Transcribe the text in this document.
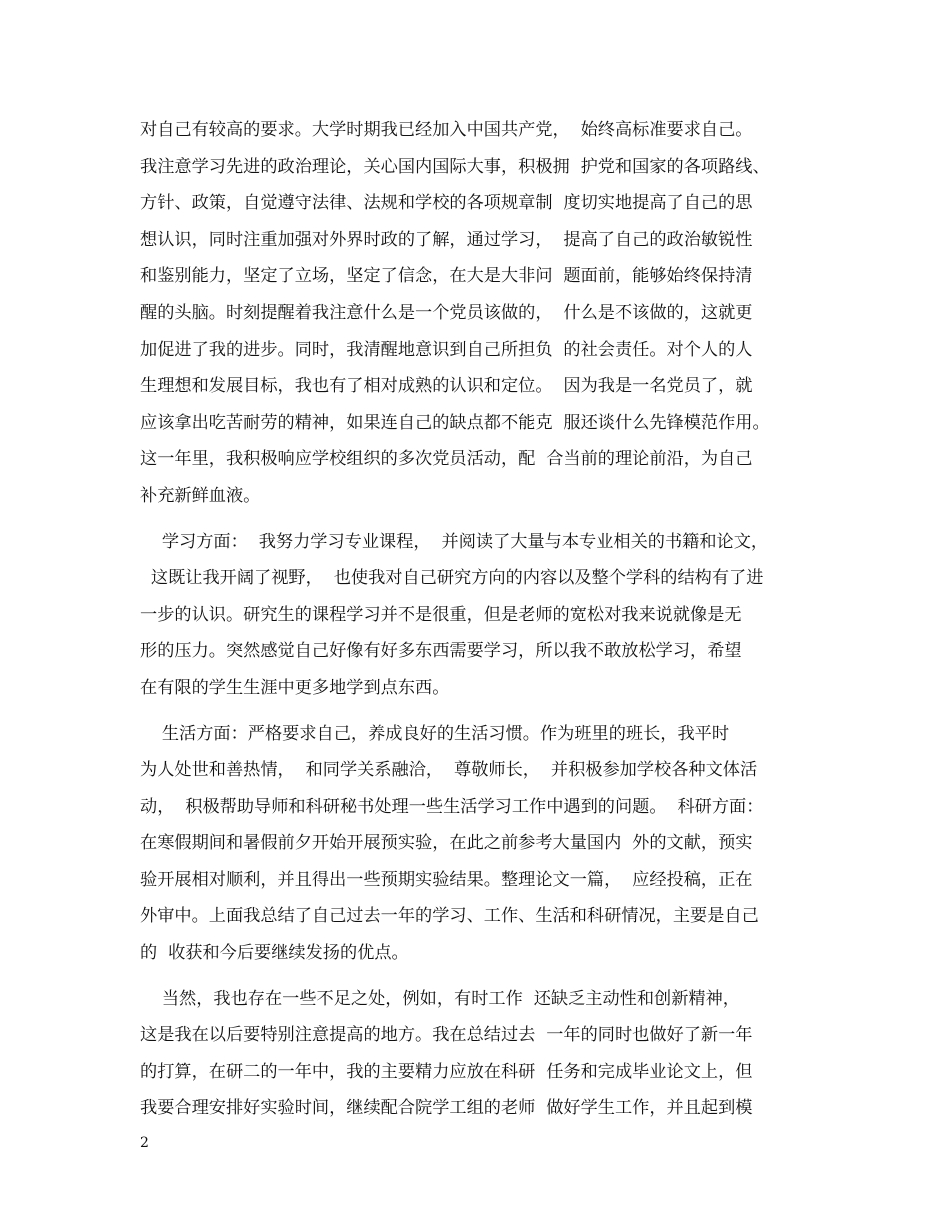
对自己有较高的要求。大学时期我已经加入中国共产党，  始终高标准要求自己。
我注意学习先进的政治理论，关心国内国际大事，积极拥  护党和国家的各项路线、
方针、政策，自觉遵守法律、法规和学校的各项规章制  度切实地提高了自己的思
想认识，同时注重加强对外界时政的了解，通过学习，  提高了自己的政治敏锐性
和鉴别能力，坚定了立场，坚定了信念，在大是大非问  题面前，能够始终保持清
醒的头脑。时刻提醒着我注意什么是一个党员该做的，  什么是不该做的，这就更
加促进了我的进步。同时，我清醒地意识到自己所担负  的社会责任。对个人的人
生理想和发展目标，我也有了相对成熟的认识和定位。  因为我是一名党员了，就
应该拿出吃苦耐劳的精神，如果连自己的缺点都不能克  服还谈什么先锋模范作用。
这一年里，我积极响应学校组织的多次党员活动，配  合当前的理论前沿，为自己
补充新鲜血液。
学习方面：  我努力学习专业课程，  并阅读了大量与本专业相关的书籍和论文，
这既让我开阔了视野，  也使我对自己研究方向的内容以及整个学科的结构有了进
一步的认识。研究生的课程学习并不是很重，但是老师的宽松对我来说就像是无
形的压力。突然感觉自己好像有好多东西需要学习，所以我不敢放松学习，希望
在有限的学生生涯中更多地学到点东西。
生活方面：严格要求自己，养成良好的生活习惯。作为班里的班长，我平时
为人处世和善热情，  和同学关系融洽，  尊敬师长，  并积极参加学校各种文体活
动，  积极帮助导师和科研秘书处理一些生活学习工作中遇到的问题。  科研方面：
在寒假期间和暑假前夕开始开展预实验，在此之前参考大量国内  外的文献，预实
验开展相对顺利，并且得出一些预期实验结果。整理论文一篇，  应经投稿，正在
外审中。上面我总结了自己过去一年的学习、工作、生活和科研情况，主要是自己
的  收获和今后要继续发扬的优点。
当然，我也存在一些不足之处，例如，有时工作  还缺乏主动性和创新精神，
这是我在以后要特别注意提高的地方。我在总结过去  一年的同时也做好了新一年
的打算，在研二的一年中，我的主要精力应放在科研  任务和完成毕业论文上，但
我要合理安排好实验时间，继续配合院学工组的老师  做好学生工作，并且起到模
2
